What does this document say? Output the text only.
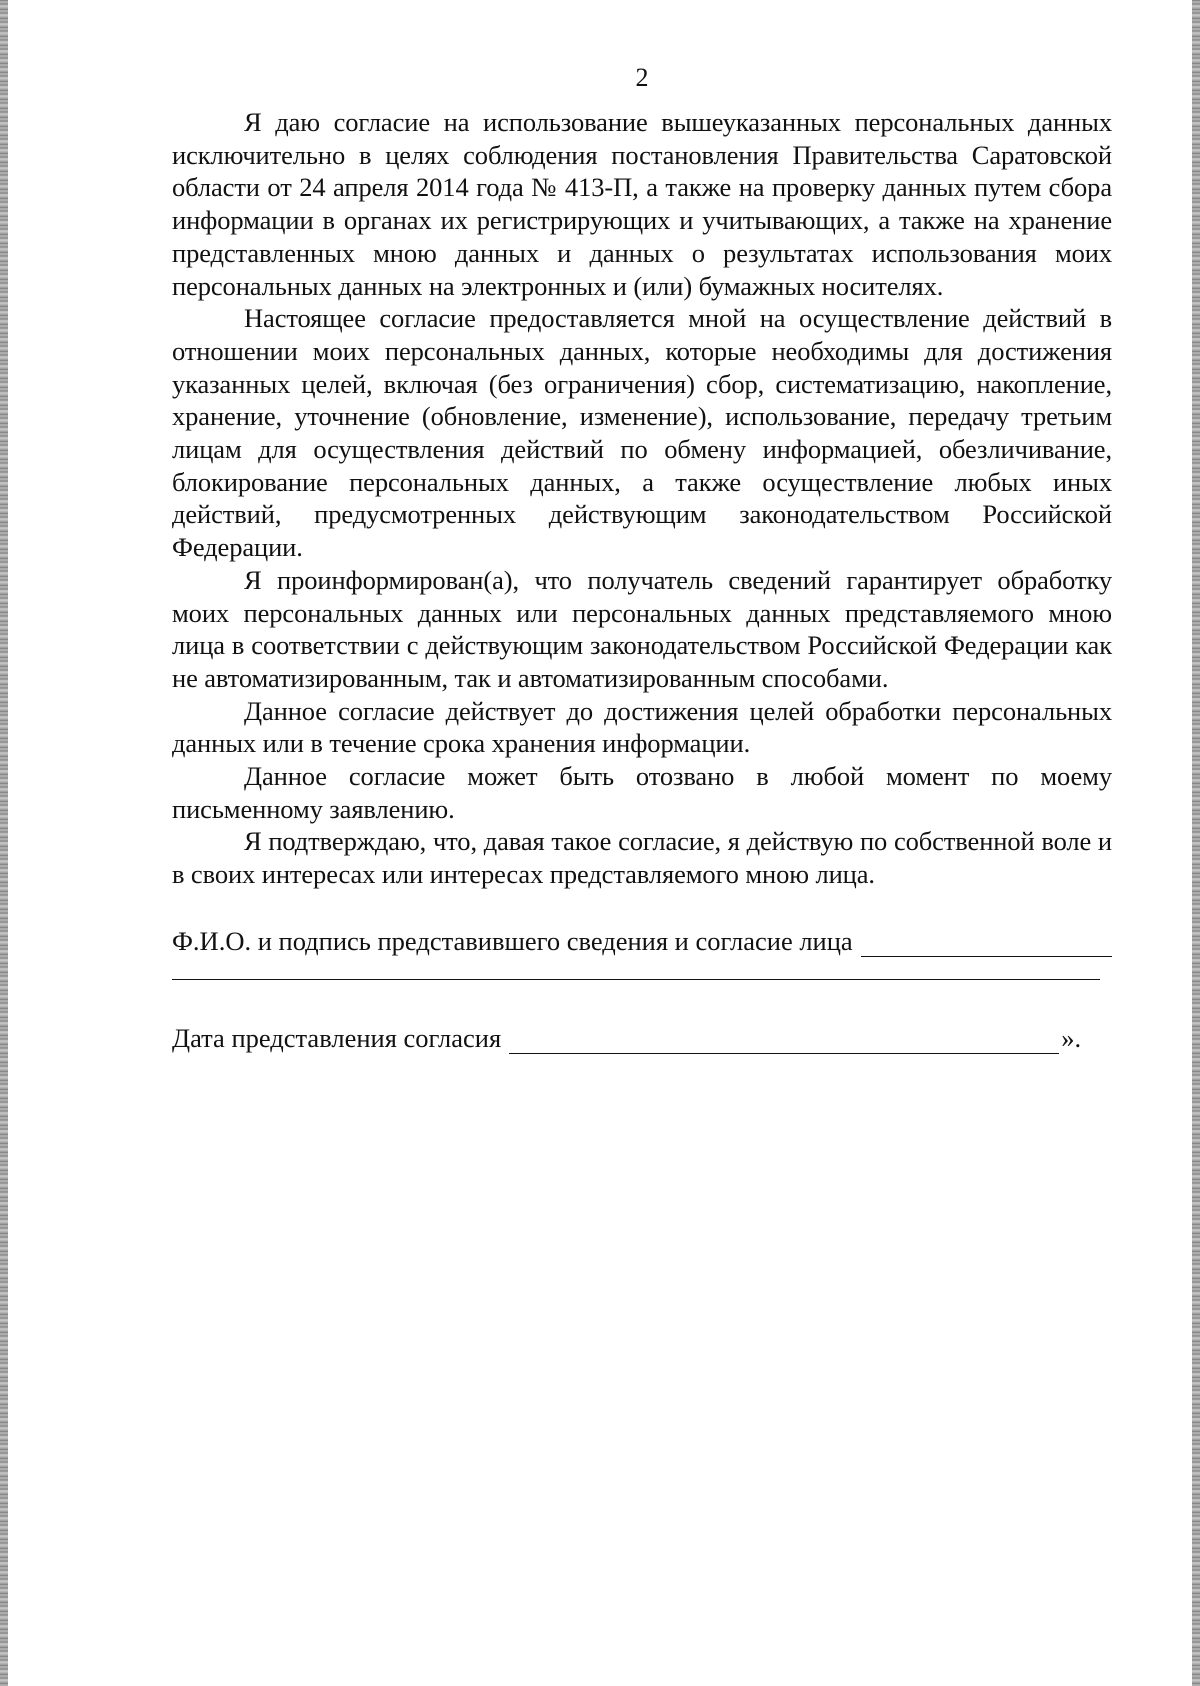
2

Я даю согласие на использование вышеуказанных персональных данных исключительно в целях соблюдения постановления Правительства Саратовской области от 24 апреля 2014 года № 413-П, а также на проверку данных путем сбора информации в органах их регистрирующих и учитывающих, а также на хранение представленных мною данных и данных о результатах использования моих персональных данных на электронных и (или) бумажных носителях.

Настоящее согласие предоставляется мной на осуществление действий в отношении моих персональных данных, которые необходимы для достижения указанных целей, включая (без ограничения) сбор, систематизацию, накопление, хранение, уточнение (обновление, изменение), использование, передачу третьим лицам для осуществления действий по обмену информацией, обезличивание, блокирование персональных данных, а также осуществление любых иных действий, предусмотренных действующим законодательством Российской Федерации.

Я проинформирован(а), что получатель сведений гарантирует обработку моих персональных данных или персональных данных представляемого мною лица в соответствии с действующим законодательством Российской Федерации как не автоматизированным, так и автоматизированным способами.

Данное согласие действует до достижения целей обработки персональных данных или в течение срока хранения информации.

Данное согласие может быть отозвано в любой момент по моему письменному заявлению.

Я подтверждаю, что, давая такое согласие, я действую по собственной воле и в своих интересах или интересах представляемого мною лица.

Ф.И.О. и подпись представившего сведения и согласие лица
Дата представления согласия	».
